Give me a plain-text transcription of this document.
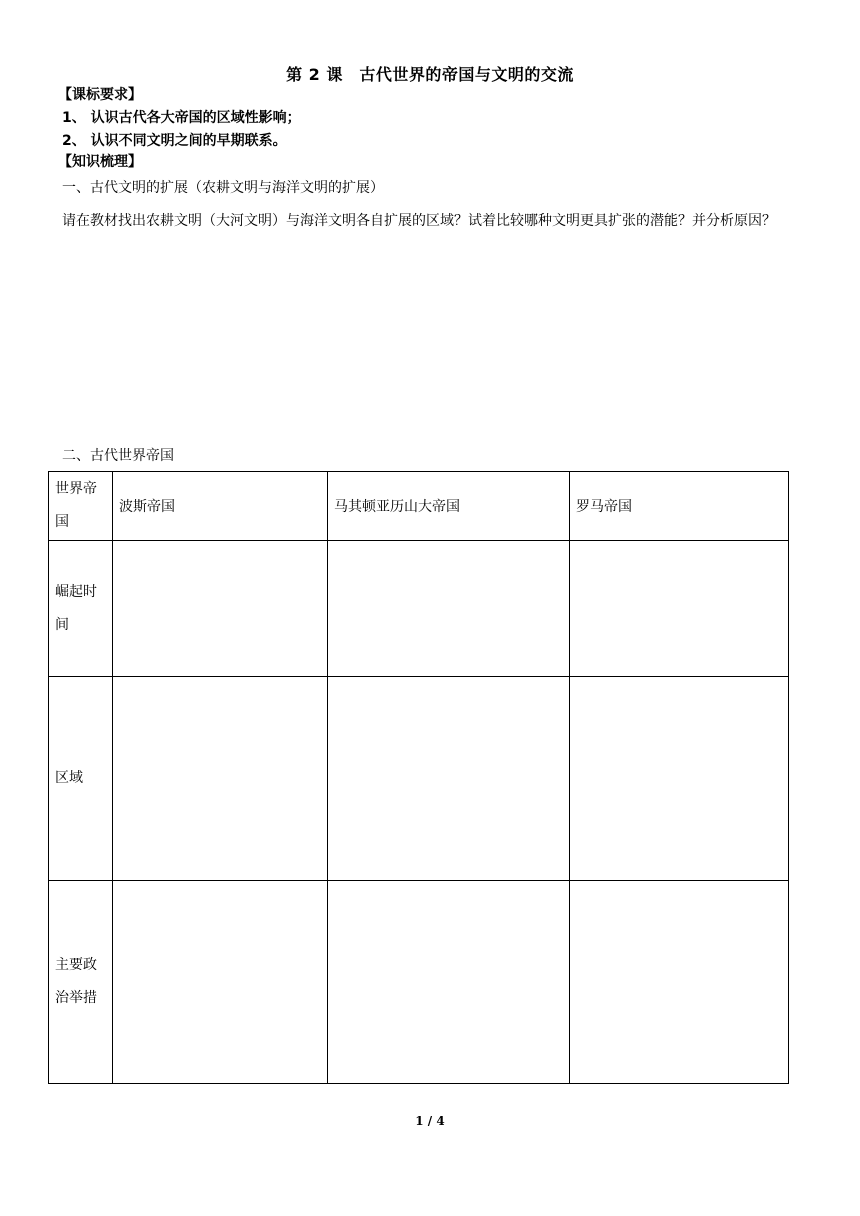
第 2 课　古代世界的帝国与文明的交流
【课标要求】
1、 认识古代各大帝国的区域性影响；
2、 认识不同文明之间的早期联系。
【知识梳理】
一、古代文明的扩展（农耕文明与海洋文明的扩展）
请在教材找出农耕文明（大河文明）与海洋文明各自扩展的区域？试着比较哪种文明更具扩张的潜能？并分析原因？
二、古代世界帝国
世界帝国	波斯帝国	马其顿亚历山大帝国	罗马帝国
崛起时间			
区域			
主要政治举措			
1 / 4
